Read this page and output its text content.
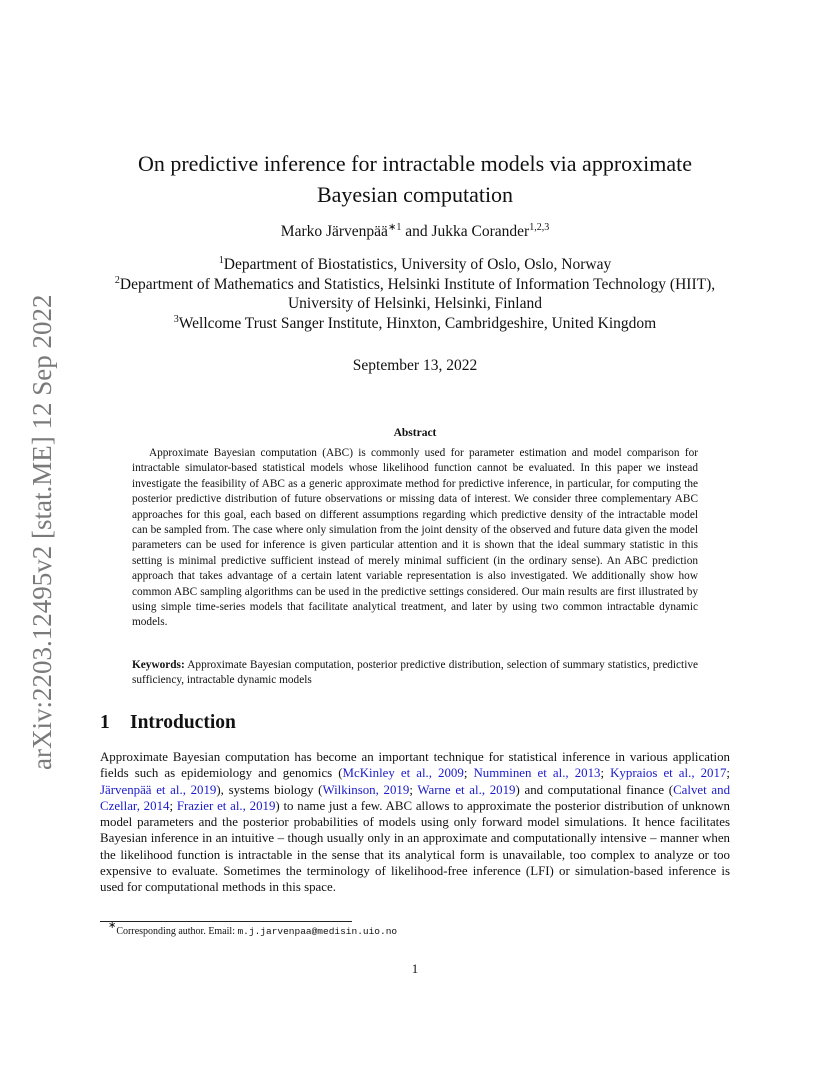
arXiv:2203.12495v2 [stat.ME] 12 Sep 2022
On predictive inference for intractable models via approximate Bayesian computation
Marko Järvenpää$^{∗1}$ and Jukka Corander$^{1,2,3}$
$^1$Department of Biostatistics, University of Oslo, Oslo, Norway
$^2$Department of Mathematics and Statistics, Helsinki Institute of Information Technology (HIIT), University of Helsinki, Helsinki, Finland
$^3$Wellcome Trust Sanger Institute, Hinxton, Cambridgeshire, United Kingdom
September 13, 2022
Abstract

Approximate Bayesian computation (ABC) is commonly used for parameter estimation and model comparison for intractable simulator-based statistical models whose likelihood function cannot be evaluated. In this paper we instead investigate the feasibility of ABC as a generic approximate method for predictive inference, in particular, for computing the posterior predictive distribution of future observations or missing data of interest. We consider three complementary ABC approaches for this goal, each based on different assumptions regarding which predictive density of the intractable model can be sampled from. The case where only simulation from the joint density of the observed and future data given the model parameters can be used for inference is given particular attention and it is shown that the ideal summary statistic in this setting is minimal predictive sufficient instead of merely minimal sufficient (in the ordinary sense). An ABC prediction approach that takes advantage of a certain latent variable representation is also investigated. We additionally show how common ABC sampling algorithms can be used in the predictive settings considered. Our main results are first illustrated by using simple time-series models that facilitate analytical treatment, and later by using two common intractable dynamic models.

Keywords: Approximate Bayesian computation, posterior predictive distribution, selection of summary statistics, predictive sufficiency, intractable dynamic models

1 Introduction

Approximate Bayesian computation has become an important technique for statistical inference in various application fields such as epidemiology and genomics (McKinley et al., 2009; Numminen et al., 2013; Kypraios et al., 2017; Järvenpää et al., 2019), systems biology (Wilkinson, 2019; Warne et al., 2019) and computational finance (Calvet and Czellar, 2014; Frazier et al., 2019) to name just a few. ABC allows to approximate the posterior distribution of unknown model parameters and the posterior probabilities of models using only forward model simulations. It hence facilitates Bayesian inference in an intuitive – though usually only in an approximate and computationally intensive – manner when the likelihood function is intractable in the sense that its analytical form is unavailable, too complex to analyze or too expensive to evaluate. Sometimes the terminology of likelihood-free inference (LFI) or simulation-based inference is used for computational methods in this space.

∗Corresponding author. Email: m.j.jarvenpaa@medisin.uio.no
1
